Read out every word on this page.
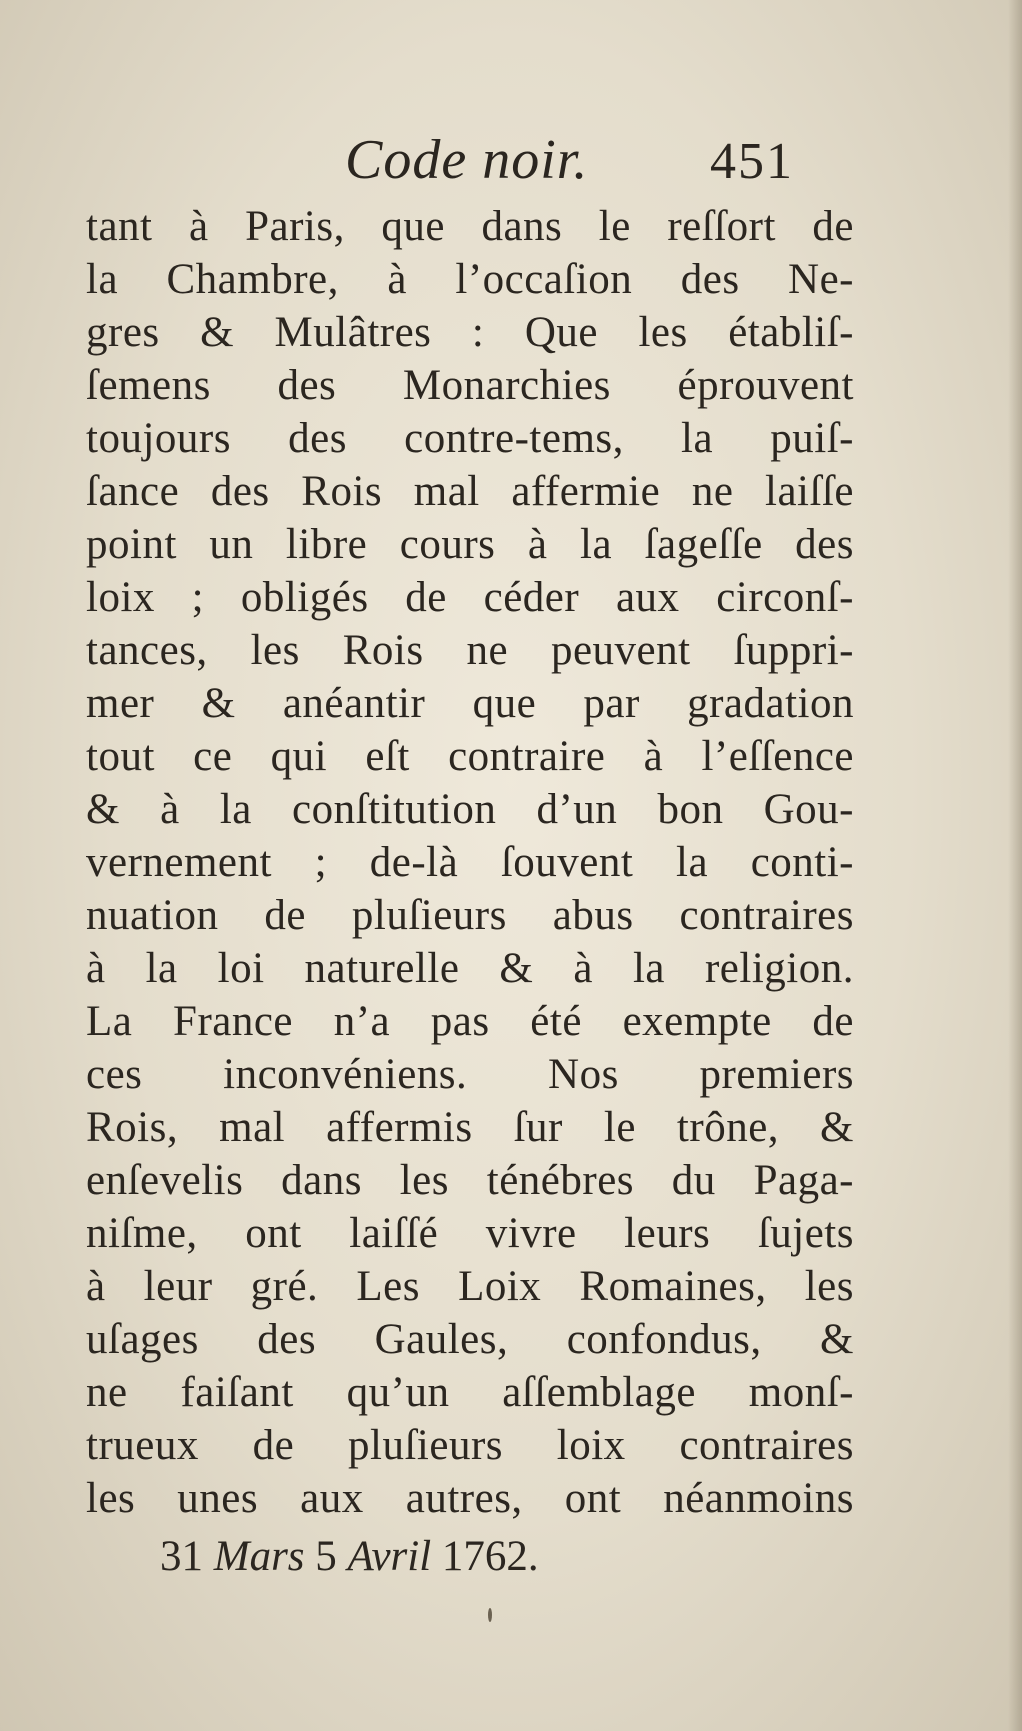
Code noir. 451
tant à Paris, que dans le reſſort de
la Chambre, à l’occaſion des Ne-
gres & Mulâtres : Que les établiſ-
ſemens des Monarchies éprouvent
toujours des contre-tems, la puiſ-
ſance des Rois mal affermie ne laiſſe
point un libre cours à la ſageſſe des
loix ; obligés de céder aux circonſ-
tances, les Rois ne peuvent ſuppri-
mer & anéantir que par gradation
tout ce qui eſt contraire à l’eſſence
& à la conſtitution d’un bon Gou-
vernement ; de-là ſouvent la conti-
nuation de pluſieurs abus contraires
à la loi naturelle & à la religion.
La France n’a pas été exempte de
ces inconvéniens. Nos premiers
Rois, mal affermis ſur le trône, &
enſevelis dans les ténébres du Paga-
niſme, ont laiſſé vivre leurs ſujets
à leur gré. Les Loix Romaines, les
uſages des Gaules, confondus, &
ne faiſant qu’un aſſemblage monſ-
trueux de pluſieurs loix contraires
les unes aux autres, ont néanmoins
31 Mars 5 Avril 1762.
